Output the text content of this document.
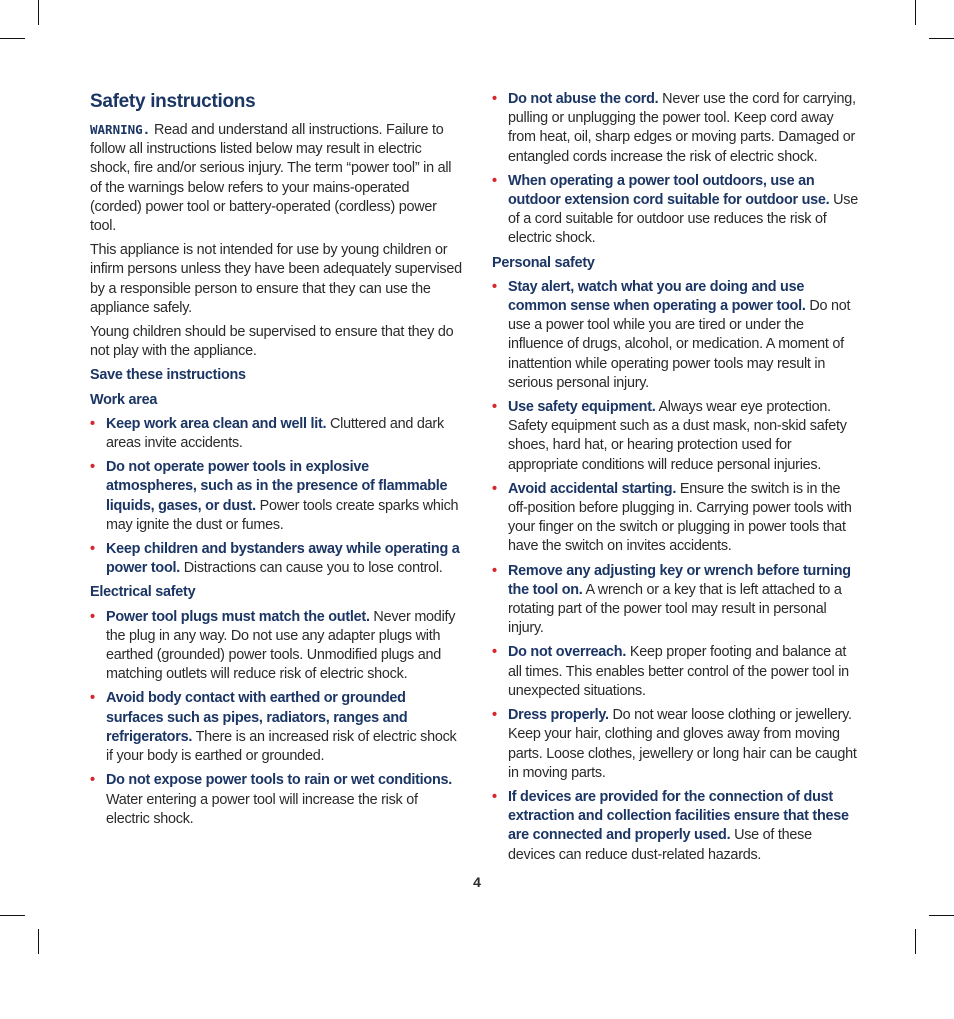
Safety instructions

WARNING. Read and understand all instructions. Failure to follow all instructions listed below may result in electric shock, fire and/or serious injury. The term “power tool” in all of the warnings below refers to your mains-operated (corded) power tool or battery-operated (cordless) power tool.

This appliance is not intended for use by young children or infirm persons unless they have been adequately supervised by a responsible person to ensure that they can use the appliance safely.

Young children should be supervised to ensure that they do not play with the appliance.

Save these instructions
Work area
• Keep work area clean and well lit. Cluttered and dark areas invite accidents.
• Do not operate power tools in explosive atmospheres, such as in the presence of flammable liquids, gases, or dust. Power tools create sparks which may ignite the dust or fumes.
• Keep children and bystanders away while operating a power tool. Distractions can cause you to lose control.
Electrical safety
• Power tool plugs must match the outlet. Never modify the plug in any way. Do not use any adapter plugs with earthed (grounded) power tools. Unmodified plugs and matching outlets will reduce risk of electric shock.
• Avoid body contact with earthed or grounded surfaces such as pipes, radiators, ranges and refrigerators. There is an increased risk of electric shock if your body is earthed or grounded.
• Do not expose power tools to rain or wet conditions. Water entering a power tool will increase the risk of electric shock.
• Do not abuse the cord. Never use the cord for carrying, pulling or unplugging the power tool. Keep cord away from heat, oil, sharp edges or moving parts. Damaged or entangled cords increase the risk of electric shock.
• When operating a power tool outdoors, use an outdoor extension cord suitable for outdoor use. Use of a cord suitable for outdoor use reduces the risk of electric shock.
Personal safety
• Stay alert, watch what you are doing and use common sense when operating a power tool. Do not use a power tool while you are tired or under the influence of drugs, alcohol, or medication. A moment of inattention while operating power tools may result in serious personal injury.
• Use safety equipment. Always wear eye protection. Safety equipment such as a dust mask, non-skid safety shoes, hard hat, or hearing protection used for appropriate conditions will reduce personal injuries.
• Avoid accidental starting. Ensure the switch is in the off-position before plugging in. Carrying power tools with your finger on the switch or plugging in power tools that have the switch on invites accidents.
• Remove any adjusting key or wrench before turning the tool on. A wrench or a key that is left attached to a rotating part of the power tool may result in personal injury.
• Do not overreach. Keep proper footing and balance at all times. This enables better control of the power tool in unexpected situations.
• Dress properly. Do not wear loose clothing or jewellery. Keep your hair, clothing and gloves away from moving parts. Loose clothes, jewellery or long hair can be caught in moving parts.
• If devices are provided for the connection of dust extraction and collection facilities ensure that these are connected and properly used. Use of these devices can reduce dust-related hazards.
4
